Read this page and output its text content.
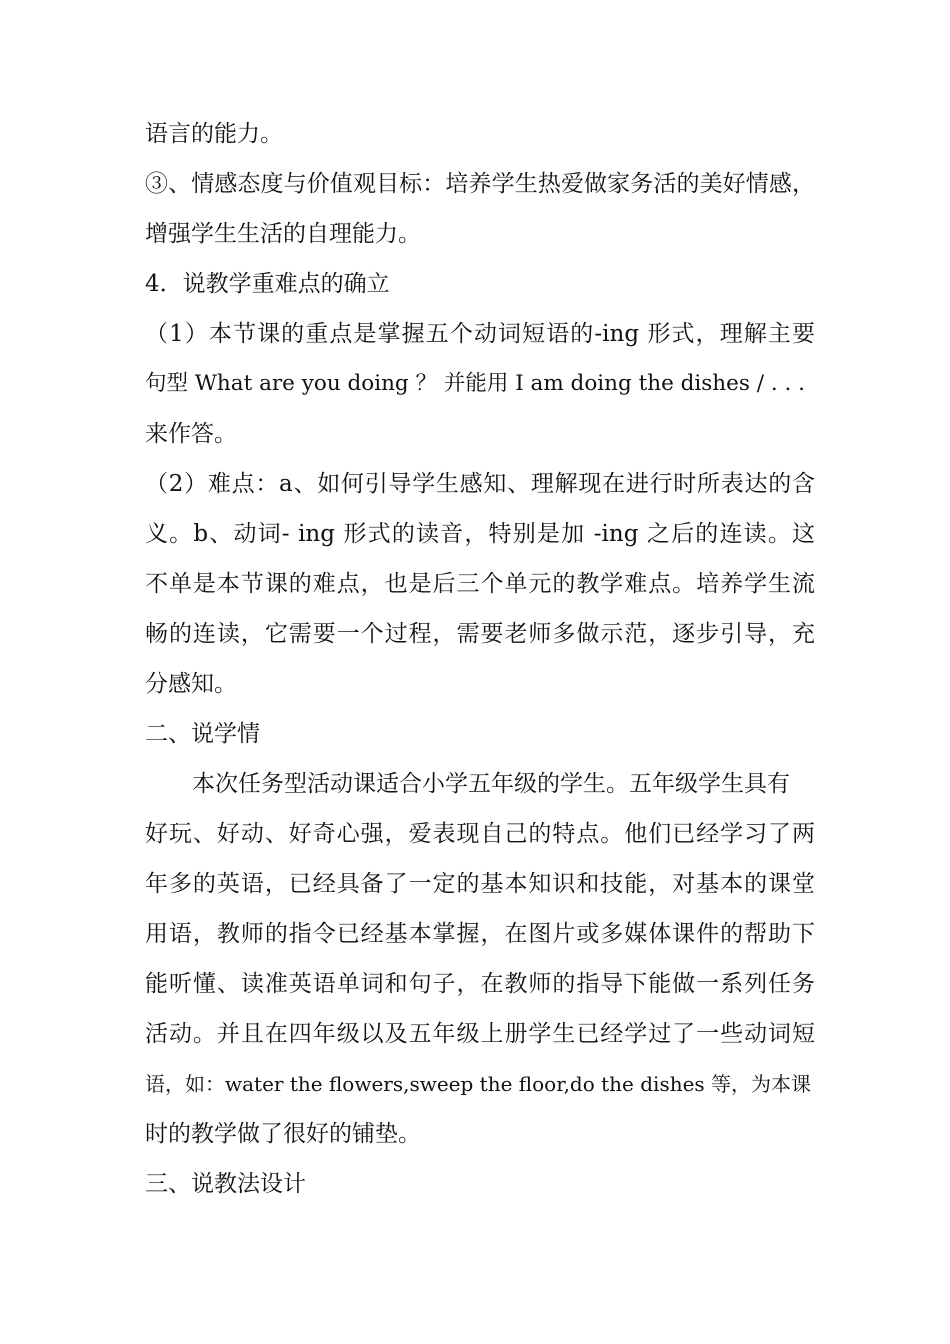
语言的能力。
③、情感态度与价值观目标：培养学生热爱做家务活的美好情感，
增强学生生活的自理能力。
4．说教学重难点的确立
（1）本节课的重点是掌握五个动词短语的-ing 形式，理解主要
句型 What are you doing ？ 并能用 I am doing the dishes / . . .
来作答。
（2）难点：a、如何引导学生感知、理解现在进行时所表达的含
义。b、动词- ing 形式的读音，特别是加 -ing 之后的连读。这
不单是本节课的难点，也是后三个单元的教学难点。培养学生流
畅的连读，它需要一个过程，需要老师多做示范，逐步引导，充
分感知。
二、说学情
本次任务型活动课适合小学五年级的学生。五年级学生具有
好玩、好动、好奇心强，爱表现自己的特点。他们已经学习了两
年多的英语，已经具备了一定的基本知识和技能，对基本的课堂
用语，教师的指令已经基本掌握，在图片或多媒体课件的帮助下
能听懂、读准英语单词和句子，在教师的指导下能做一系列任务
活动。并且在四年级以及五年级上册学生已经学过了一些动词短
语，如：water the flowers,sweep the floor,do the dishes 等，为本课
时的教学做了很好的铺垫。
三、说教法设计
